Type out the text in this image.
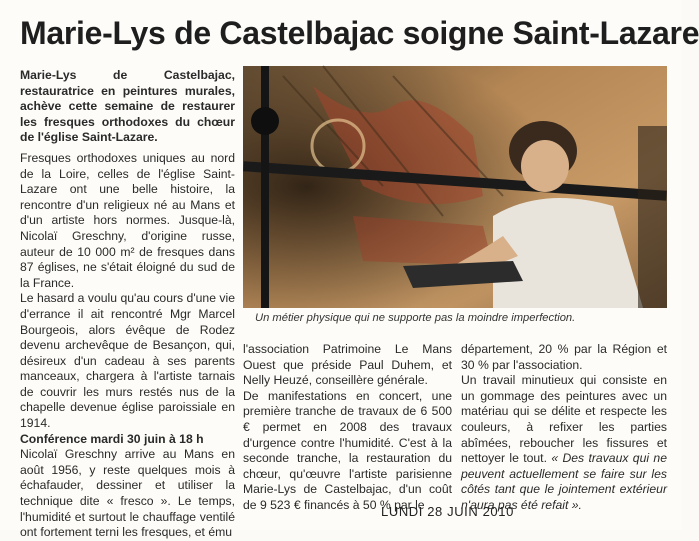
Marie-Lys de Castelbajac soigne Saint-Lazare

Marie-Lys de Castelbajac, restauratrice en peintures murales, achève cette semaine de restaurer les fresques orthodoxes du chœur de l'église Saint-Lazare.

Fresques orthodoxes uniques au nord de la Loire, celles de l'église Saint-Lazare ont une belle histoire, la rencontre d'un religieux né au Mans et d'un artiste hors normes. Jusque-là, Nicolaï Greschny, d'origine russe, auteur de 10 000 m² de fresques dans 87 églises, ne s'était éloigné du sud de la France.

Le hasard a voulu qu'au cours d'une vie d'errance il ait rencontré Mgr Marcel Bourgeois, alors évêque de Rodez devenu archevêque de Besançon, qui, désireux d'un cadeau à ses parents manceaux, chargera à l'artiste tarnais de couvrir les murs restés nus de la chapelle devenue église paroissiale en 1914.

Conférence mardi 30 juin à 18 h

Nicolaï Greschny arrive au Mans en août 1956, y reste quelques mois à échafauder, dessiner et utiliser la technique dite « fresco ». Le temps, l'humidité et surtout le chauffage ventilé ont fortement terni les fresques, et ému

Un métier physique qui ne supporte pas la moindre imperfection.

l'association Patrimoine Le Mans Ouest que préside Paul Duhem, et Nelly Heuzé, conseillère générale.

De manifestations en concert, une première tranche de travaux de 6 500 € permet en 2008 des travaux d'urgence contre l'humidité. C'est à la seconde tranche, la restauration du chœur, qu'œuvre l'artiste parisienne Marie-Lys de Castelbajac, d'un coût de 9 523 € financés à 50 % par le

département, 20 % par la Région et 30 % par l'association.

Un travail minutieux qui consiste en un gommage des peintures avec un matériau qui se délite et respecte les couleurs, à refixer les parties abîmées, reboucher les fissures et nettoyer le tout. « Des travaux qui ne peuvent actuellement se faire sur les côtés tant que le jointement extérieur n'aura pas été refait ».

LUNDI 28 JUIN 2010
